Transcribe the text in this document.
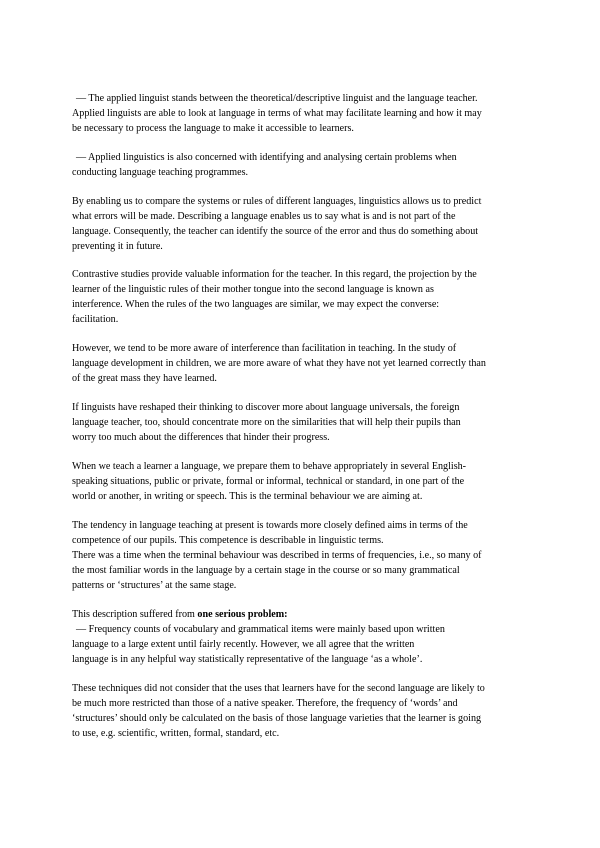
— The applied linguist stands between the theoretical/descriptive linguist and the language teacher.
Applied linguists are able to look at language in terms of what may facilitate learning and how it may
be necessary to process the language to make it accessible to learners.
— Applied linguistics is also concerned with identifying and analysing certain problems when
conducting language teaching programmes.
By enabling us to compare the systems or rules of different languages, linguistics allows us to predict
what errors will be made. Describing a language enables us to say what is and is not part of the
language. Consequently, the teacher can identify the source of the error and thus do something about
preventing it in future.
Contrastive studies provide valuable information for the teacher. In this regard, the projection by the
learner of the linguistic rules of their mother tongue into the second language is known as
interference. When the rules of the two languages are similar, we may expect the converse:
facilitation.
However, we tend to be more aware of interference than facilitation in teaching. In the study of
language development in children, we are more aware of what they have not yet learned correctly than
of the great mass they have learned.
If linguists have reshaped their thinking to discover more about language universals, the foreign
language teacher, too, should concentrate more on the similarities that will help their pupils than
worry too much about the differences that hinder their progress.
When we teach a learner a language, we prepare them to behave appropriately in several English-
speaking situations, public or private, formal or informal, technical or standard, in one part of the
world or another, in writing or speech. This is the terminal behaviour we are aiming at.
The tendency in language teaching at present is towards more closely defined aims in terms of the
competence of our pupils. This competence is describable in linguistic terms.
There was a time when the terminal behaviour was described in terms of frequencies, i.e., so many of
the most familiar words in the language by a certain stage in the course or so many grammatical
patterns or ‘structures’ at the same stage.
This description suffered from one serious problem:
— Frequency counts of vocabulary and grammatical items were mainly based upon written
language to a large extent until fairly recently. However, we all agree that the written
language is in any helpful way statistically representative of the language ‘as a whole’.
These techniques did not consider that the uses that learners have for the second language are likely to
be much more restricted than those of a native speaker. Therefore, the frequency of ‘words’ and
‘structures’ should only be calculated on the basis of those language varieties that the learner is going
to use, e.g. scientific, written, formal, standard, etc.
